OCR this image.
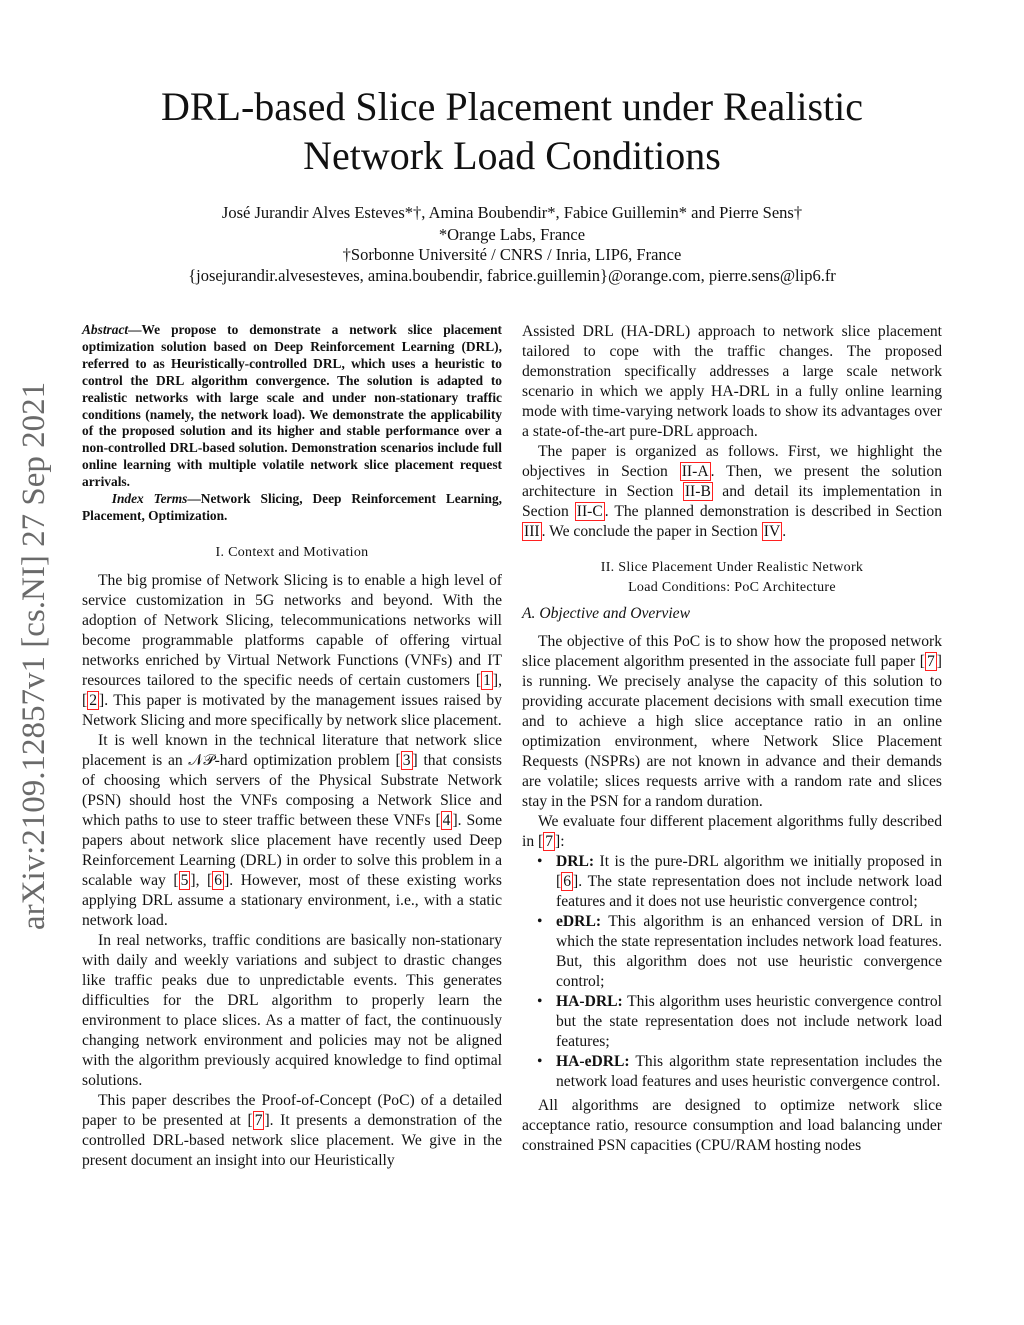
DRL-based Slice Placement under Realistic
Network Load Conditions
José Jurandir Alves Esteves*†, Amina Boubendir*, Fabice Guillemin* and Pierre Sens†
*Orange Labs, France
†Sorbonne Université / CNRS / Inria, LIP6, France
{josejurandir.alvesesteves, amina.boubendir, fabrice.guillemin}@orange.com, pierre.sens@lip6.fr
arXiv:2109.12857v1 [cs.NI] 27 Sep 2021
Abstract—We propose to demonstrate a network slice placement optimization solution based on Deep Reinforcement Learning (DRL), referred to as Heuristically-controlled DRL, which uses a heuristic to control the DRL algorithm convergence. The solution is adapted to realistic networks with large scale and under non-stationary traffic conditions (namely, the network load). We demonstrate the applicability of the proposed solution and its higher and stable performance over a non-controlled DRL-based solution. Demonstration scenarios include full online learning with multiple volatile network slice placement request arrivals.
Index Terms—Network Slicing, Deep Reinforcement Learning, Placement, Optimization.
I. Context and Motivation

The big promise of Network Slicing is to enable a high level of service customization in 5G networks and beyond. With the adoption of Network Slicing, telecommunications networks will become programmable platforms capable of offering virtual networks enriched by Virtual Network Functions (VNFs) and IT resources tailored to the specific needs of certain customers [ 1 ], [ 2 ]. This paper is motivated by the management issues raised by Network Slicing and more specifically by network slice placement.

It is well known in the technical literature that network slice placement is an 𝒩𝒫-hard optimization problem [ 3 ] that consists of choosing which servers of the Physical Substrate Network (PSN) should host the VNFs composing a Network Slice and which paths to use to steer traffic between these VNFs [ 4 ]. Some papers about network slice placement have recently used Deep Reinforcement Learning (DRL) in order to solve this problem in a scalable way [ 5 ], [ 6 ]. However, most of these existing works applying DRL assume a stationary environment, i.e., with a static network load.

In real networks, traffic conditions are basically non-stationary with daily and weekly variations and subject to drastic changes like traffic peaks due to unpredictable events. This generates difficulties for the DRL algorithm to properly learn the environment to place slices. As a matter of fact, the continuously changing network environment and policies may not be aligned with the algorithm previously acquired knowledge to find optimal solutions.

This paper describes the Proof-of-Concept (PoC) of a detailed paper to be presented at [ 7 ]. It presents a demonstration of the controlled DRL-based network slice placement. We give in the present document an insight into our Heuristically

Assisted DRL (HA-DRL) approach to network slice placement tailored to cope with the traffic changes. The proposed demonstration specifically addresses a large scale network scenario in which we apply HA-DRL in a fully online learning mode with time-varying network loads to show its advantages over a state-of-the-art pure-DRL approach.

The paper is organized as follows. First, we highlight the objectives in Section II-A . Then, we present the solution architecture in Section II-B and detail its implementation in Section II-C . The planned demonstration is described in Section III . We conclude the paper in Section IV .

II. Slice Placement Under Realistic Network
Load Conditions: PoC Architecture
A. Objective and Overview

The objective of this PoC is to show how the proposed network slice placement algorithm presented in the associate full paper [ 7 ] is running. We precisely analyse the capacity of this solution to providing accurate placement decisions with small execution time and to achieve a high slice acceptance ratio in an online optimization environment, where Network Slice Placement Requests (NSPRs) are not known in advance and their demands are volatile; slices requests arrive with a random rate and slices stay in the PSN for a random duration.

We evaluate four different placement algorithms fully described in [ 7 ]:

• DRL: It is the pure-DRL algorithm we initially proposed in [ 6 ]. The state representation does not include network load features and it does not use heuristic convergence control;
• eDRL: This algorithm is an enhanced version of DRL in which the state representation includes network load features. But, this algorithm does not use heuristic convergence control;
• HA-DRL: This algorithm uses heuristic convergence control but the state representation does not include network load features;
• HA-eDRL: This algorithm state representation includes the network load features and uses heuristic convergence control.

All algorithms are designed to optimize network slice acceptance ratio, resource consumption and load balancing under constrained PSN capacities (CPU/RAM hosting nodes
